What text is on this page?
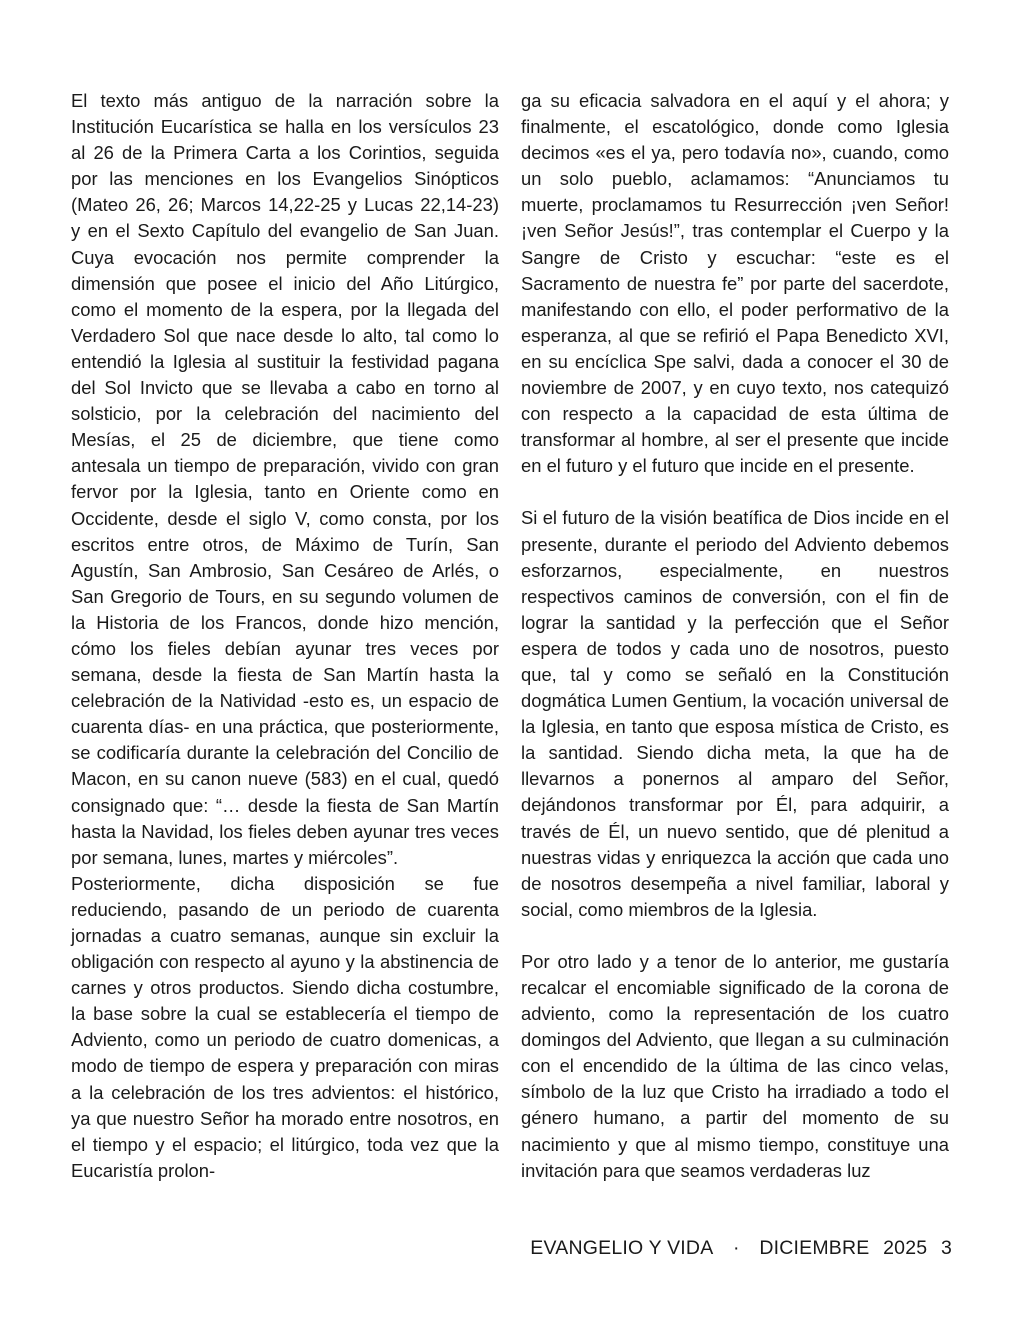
El texto más antiguo de la narración sobre la Institución Eucarística se halla en los versículos 23 al 26 de la Primera Carta a los Corintios, seguida por las menciones en los Evangelios Sinópticos (Mateo 26, 26; Marcos 14,22-25 y Lucas 22,14-23) y en el Sexto Capítulo del evangelio de San Juan. Cuya evocación nos permite comprender la dimensión que posee el inicio del Año Litúrgico, como el momento de la espera, por la llegada del Verdadero Sol que nace desde lo alto, tal como lo entendió la Iglesia al sustituir la festividad pagana del Sol Invicto que se llevaba a cabo en torno al solsticio, por la celebración del nacimiento del Mesías, el 25 de diciembre, que tiene como antesala un tiempo de preparación, vivido con gran fervor por la Iglesia, tanto en Oriente como en Occidente, desde el siglo V, como consta, por los escritos entre otros, de Máximo de Turín, San Agustín, San Ambrosio, San Cesáreo de Arlés, o San Gregorio de Tours, en su segundo volumen de la Historia de los Francos, donde hizo mención, cómo los fieles debían ayunar tres veces por semana, desde la fiesta de San Martín hasta la celebración de la Natividad -esto es, un espacio de cuarenta días- en una práctica, que posteriormente, se codificaría durante la celebración del Concilio de Macon, en su canon nueve (583) en el cual, quedó consignado que: “… desde la fiesta de San Martín hasta la Navidad, los fieles deben ayunar tres veces por semana, lunes, martes y miércoles”.

Posteriormente, dicha disposición se fue reduciendo, pasando de un periodo de cuarenta jornadas a cuatro semanas, aunque sin excluir la obligación con respecto al ayuno y la abstinencia de carnes y otros productos. Siendo dicha costumbre, la base sobre la cual se establecería el tiempo de Adviento, como un periodo de cuatro domenicas, a modo de tiempo de espera y preparación con miras a la celebración de los tres advientos: el histórico, ya que nuestro Señor ha morado entre nosotros, en el tiempo y el espacio; el litúrgico, toda vez que la Eucaristía prolon-

ga su eficacia salvadora en el aquí y el ahora; y finalmente, el escatológico, donde como Iglesia decimos «es el ya, pero todavía no», cuando, como un solo pueblo, aclamamos: “Anunciamos tu muerte, proclamamos tu Resurrección ¡ven Señor! ¡ven Señor Jesús!”, tras contemplar el Cuerpo y la Sangre de Cristo y escuchar: “este es el Sacramento de nuestra fe” por parte del sacerdote, manifestando con ello, el poder performativo de la esperanza, al que se refirió el Papa Benedicto XVI, en su encíclica Spe salvi, dada a conocer el 30 de noviembre de 2007, y en cuyo texto, nos catequizó con respecto a la capacidad de esta última de transformar al hombre, al ser el presente que incide en el futuro y el futuro que incide en el presente.

Si el futuro de la visión beatífica de Dios incide en el presente, durante el periodo del Adviento debemos esforzarnos, especialmente, en nuestros respectivos caminos de conversión, con el fin de lograr la santidad y la perfección que el Señor espera de todos y cada uno de nosotros, puesto que, tal y como se señaló en la Constitución dogmática Lumen Gentium, la vocación universal de la Iglesia, en tanto que esposa mística de Cristo, es la santidad. Siendo dicha meta, la que ha de llevarnos a ponernos al amparo del Señor, dejándonos transformar por Él, para adquirir, a través de Él, un nuevo sentido, que dé plenitud a nuestras vidas y enriquezca la acción que cada uno de nosotros desempeña a nivel familiar, laboral y social, como miembros de la Iglesia.

Por otro lado y a tenor de lo anterior, me gustaría recalcar el encomiable significado de la corona de adviento, como la representación de los cuatro domingos del Adviento, que llegan a su culminación con el encendido de la última de las cinco velas, símbolo de la luz que Cristo ha irradiado a todo el género humano, a partir del momento de su nacimiento y que al mismo tiempo, constituye una invitación para que seamos verdaderas luz

EVANGELIO Y VIDA · DICIEMBRE 2025 3
